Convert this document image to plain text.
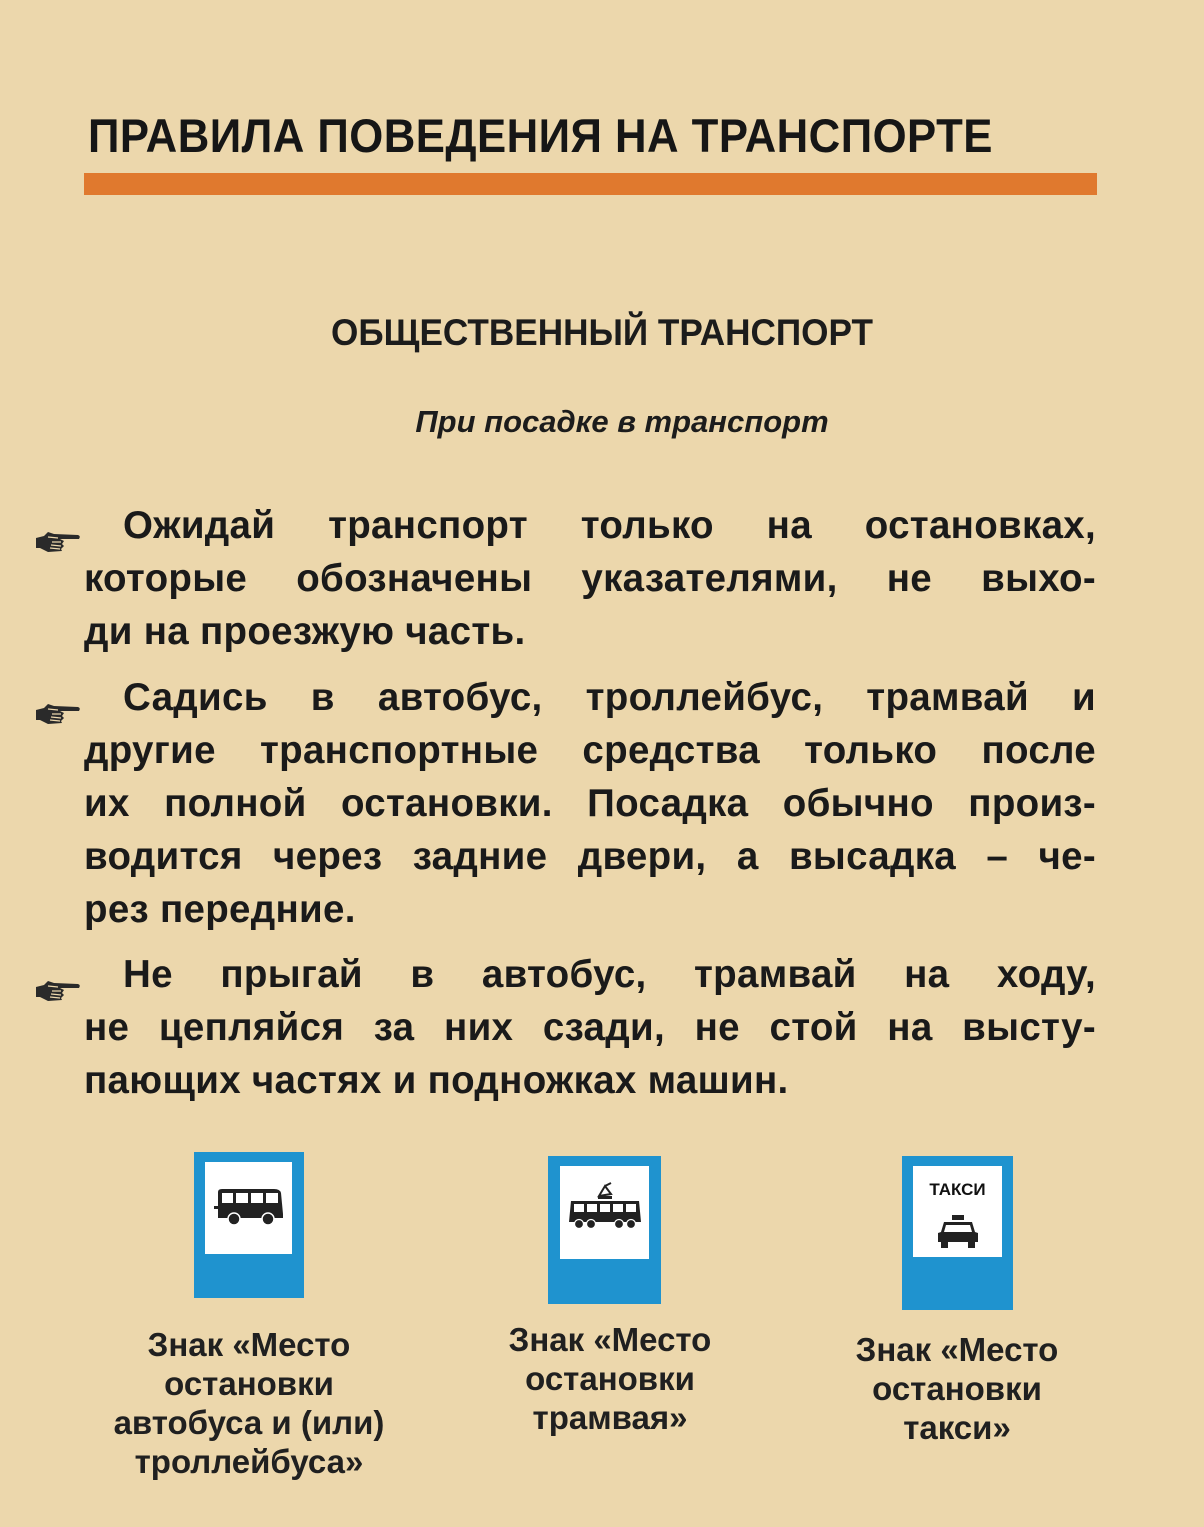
ПРАВИЛА ПОВЕДЕНИЯ НА ТРАНСПОРТЕ
ОБЩЕСТВЕННЫЙ ТРАНСПОРТ
При посадке в транспорт
Ожидай транспорт только на остановках,
которые обозначены указателями, не выхо-
ди на проезжую часть.
Садись в автобус, троллейбус, трамвай и
другие транспортные средства только после
их полной остановки. Посадка обычно произ-
водится через задние двери, а высадка – че-
рез передние.
Не прыгай в автобус, трамвай на ходу,
не цепляйся за них сзади, не стой на высту-
пающих частях и подножках машин.
Знак «Место
остановки
автобуса и (или)
троллейбуса»
Знак «Место
остановки
трамвая»
ТАКСИ
Знак «Место
остановки
такси»
